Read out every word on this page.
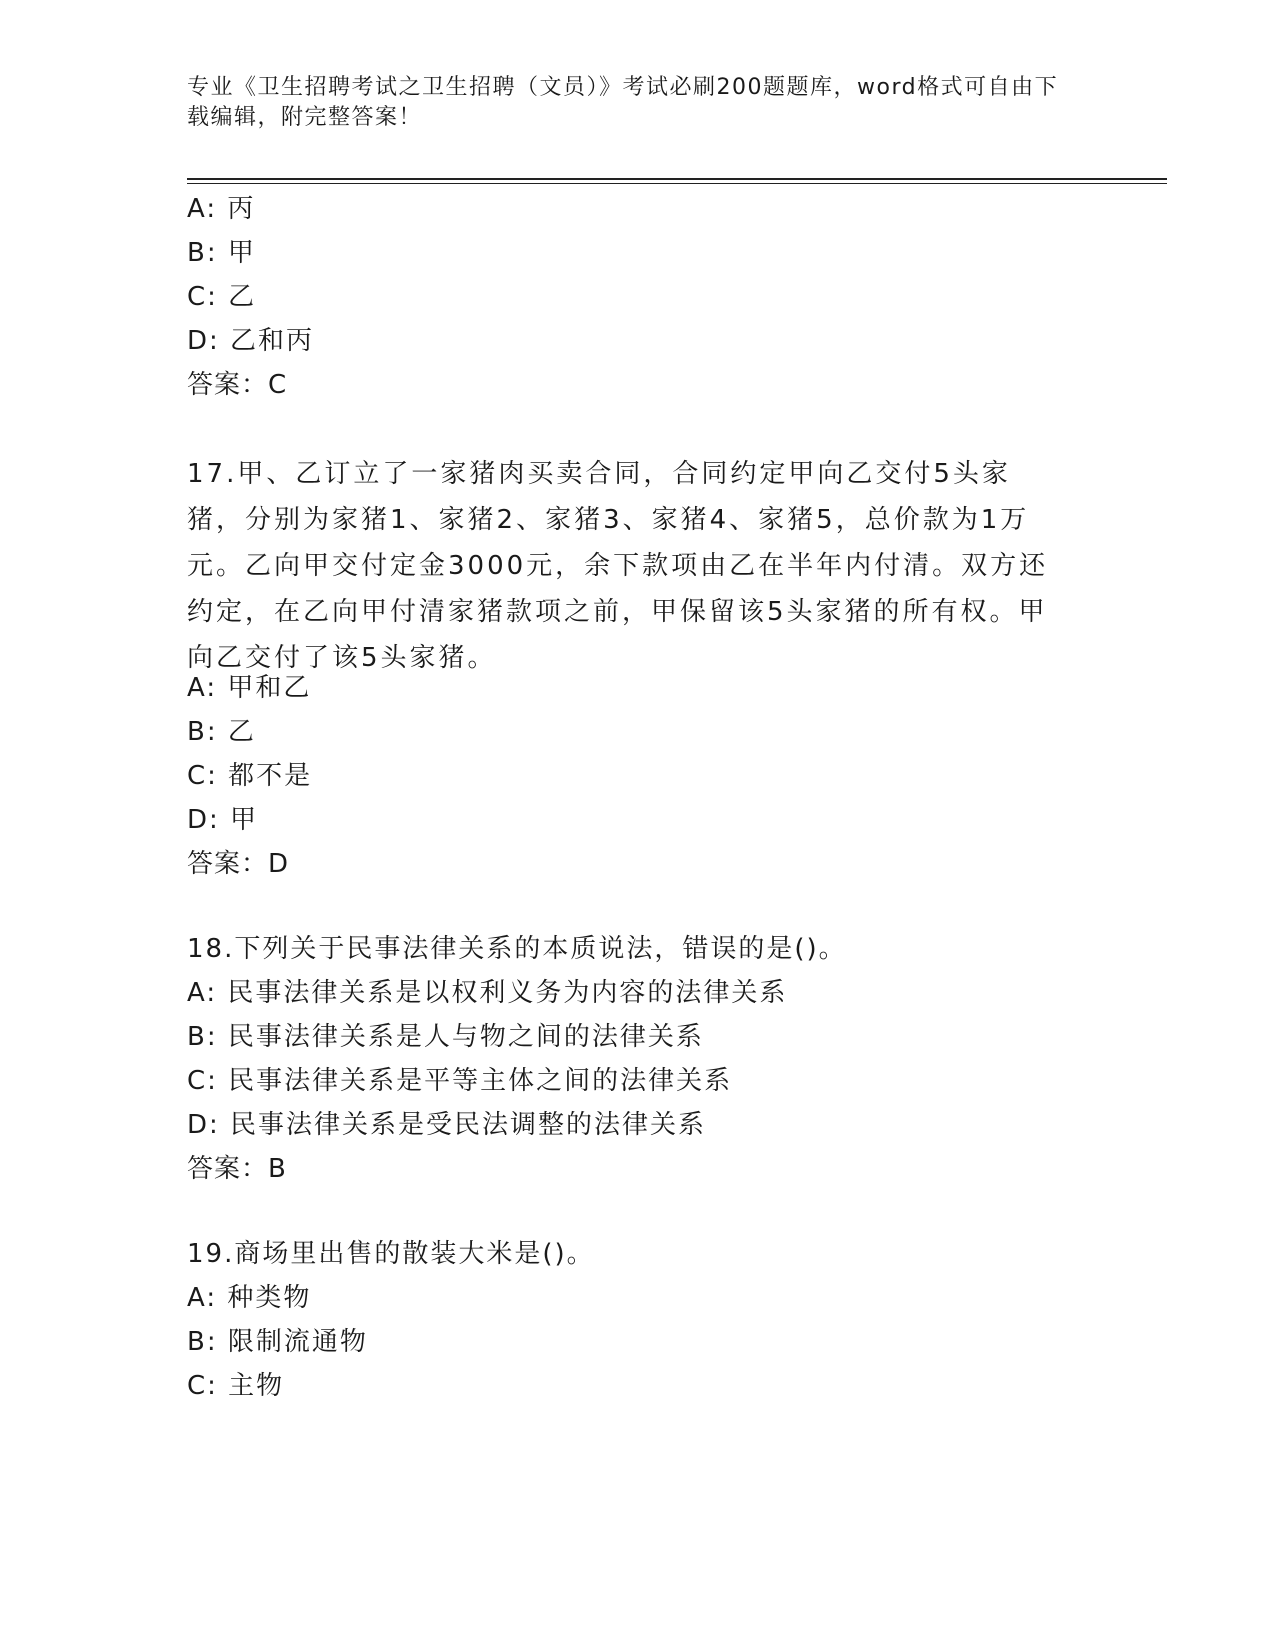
专业《卫生招聘考试之卫生招聘（文员）》考试必刷200题题库，word格式可自由下载编辑，附完整答案！
A: 丙
B: 甲
C: 乙
D: 乙和丙
答案：C
17.甲、乙订立了一家猪肉买卖合同，合同约定甲向乙交付5头家猪，分别为家猪1、家猪2、家猪3、家猪4、家猪5，总价款为1万元。乙向甲交付定金3000元，余下款项由乙在半年内付清。双方还约定，在乙向甲付清家猪款项之前，甲保留该5头家猪的所有权。甲向乙交付了该5头家猪。
A: 甲和乙
B: 乙
C: 都不是
D: 甲
答案：D
18.下列关于民事法律关系的本质说法，错误的是()。
A: 民事法律关系是以权利义务为内容的法律关系
B: 民事法律关系是人与物之间的法律关系
C: 民事法律关系是平等主体之间的法律关系
D: 民事法律关系是受民法调整的法律关系
答案：B
19.商场里出售的散装大米是()。
A: 种类物
B: 限制流通物
C: 主物
